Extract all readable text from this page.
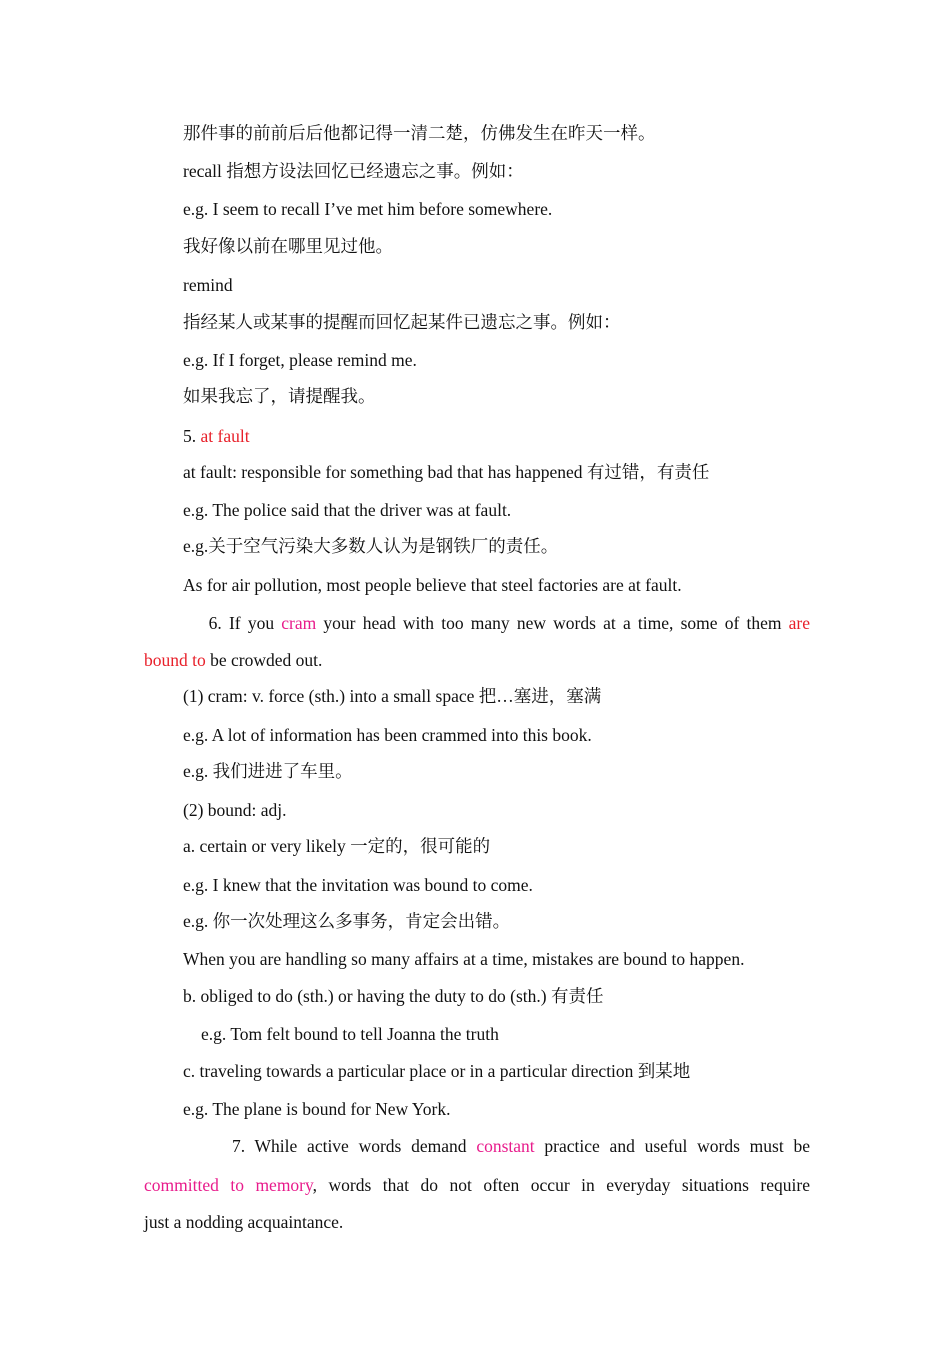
那件事的前前后后他都记得一清二楚，仿佛发生在昨天一样。
recall 指想方设法回忆已经遗忘之事。例如：
e.g. I seem to recall I’ve met him before somewhere.
我好像以前在哪里见过他。
remind
指经某人或某事的提醒而回忆起某件已遗忘之事。例如：
e.g. If I forget, please remind me.
如果我忘了，请提醒我。
5. at fault
at fault: responsible for something bad that has happened 有过错，有责任
e.g. The police said that the driver was at fault.
e.g.关于空气污染大多数人认为是钢铁厂的责任。
As for air pollution, most people believe that steel factories are at fault.
6. If you cram your head with too many new words at a time, some of them are
bound to be crowded out.
(1) cram: v. force (sth.) into a small space 把…塞进，塞满
e.g. A lot of information has been crammed into this book.
e.g. 我们进进了车里。
(2) bound: adj.
a. certain or very likely 一定的，很可能的
e.g. I knew that the invitation was bound to come.
e.g. 你一次处理这么多事务，肯定会出错。
When you are handling so many affairs at a time, mistakes are bound to happen.
b. obliged to do (sth.) or having the duty to do (sth.) 有责任
e.g. Tom felt bound to tell Joanna the truth
c. traveling towards a particular place or in a particular direction 到某地
e.g. The plane is bound for New York.
7. While active words demand constant practice and useful words must be
committed to memory, words that do not often occur in everyday situations require
just a nodding acquaintance.
